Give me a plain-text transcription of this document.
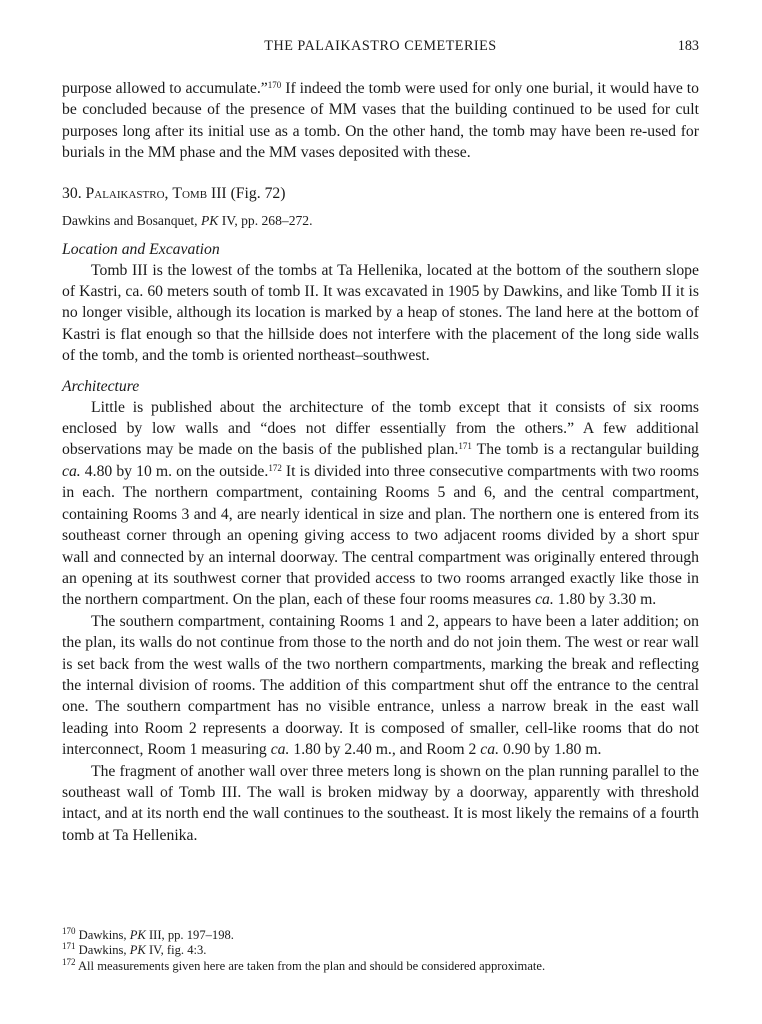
THE PALAIKASTRO CEMETERIES	183

purpose allowed to accumulate.”$^{170}$ If indeed the tomb were used for only one burial, it would have to be concluded because of the presence of MM vases that the building continued to be used for cult purposes long after its initial use as a tomb. On the other hand, the tomb may have been re-used for burials in the MM phase and the MM vases deposited with these.

30. Palaikastro, Tomb III (Fig. 72)
Dawkins and Bosanquet, PK IV, pp. 268–272.
Location and Excavation

Tomb III is the lowest of the tombs at Ta Hellenika, located at the bottom of the southern slope of Kastri, ca. 60 meters south of tomb II. It was excavated in 1905 by Dawkins, and like Tomb II it is no longer visible, although its location is marked by a heap of stones. The land here at the bottom of Kastri is flat enough so that the hillside does not interfere with the placement of the long side walls of the tomb, and the tomb is oriented northeast–southwest.

Architecture

Little is published about the architecture of the tomb except that it consists of six rooms enclosed by low walls and “does not differ essentially from the others.” A few additional observations may be made on the basis of the published plan.$^{171}$ The tomb is a rectangular building ca. 4.80 by 10 m. on the outside.$^{172}$ It is divided into three consecutive compartments with two rooms in each. The northern compartment, containing Rooms 5 and 6, and the central compartment, containing Rooms 3 and 4, are nearly identical in size and plan. The northern one is entered from its southeast corner through an opening giving access to two adjacent rooms divided by a short spur wall and connected by an internal doorway. The central compartment was originally entered through an opening at its southwest corner that provided access to two rooms arranged exactly like those in the northern compartment. On the plan, each of these four rooms measures ca. 1.80 by 3.30 m.

The southern compartment, containing Rooms 1 and 2, appears to have been a later addition; on the plan, its walls do not continue from those to the north and do not join them. The west or rear wall is set back from the west walls of the two northern compartments, marking the break and reflecting the internal division of rooms. The addition of this compartment shut off the entrance to the central one. The southern compartment has no visible entrance, unless a narrow break in the east wall leading into Room 2 represents a doorway. It is composed of smaller, cell-like rooms that do not interconnect, Room 1 measuring ca. 1.80 by 2.40 m., and Room 2 ca. 0.90 by 1.80 m.

The fragment of another wall over three meters long is shown on the plan running parallel to the southeast wall of Tomb III. The wall is broken midway by a doorway, apparently with threshold intact, and at its north end the wall continues to the southeast. It is most likely the remains of a fourth tomb at Ta Hellenika.

$^{170}$ Dawkins, PK III, pp. 197–198.
$^{171}$ Dawkins, PK IV, fig. 4:3.
$^{172}$ All measurements given here are taken from the plan and should be considered approximate.
